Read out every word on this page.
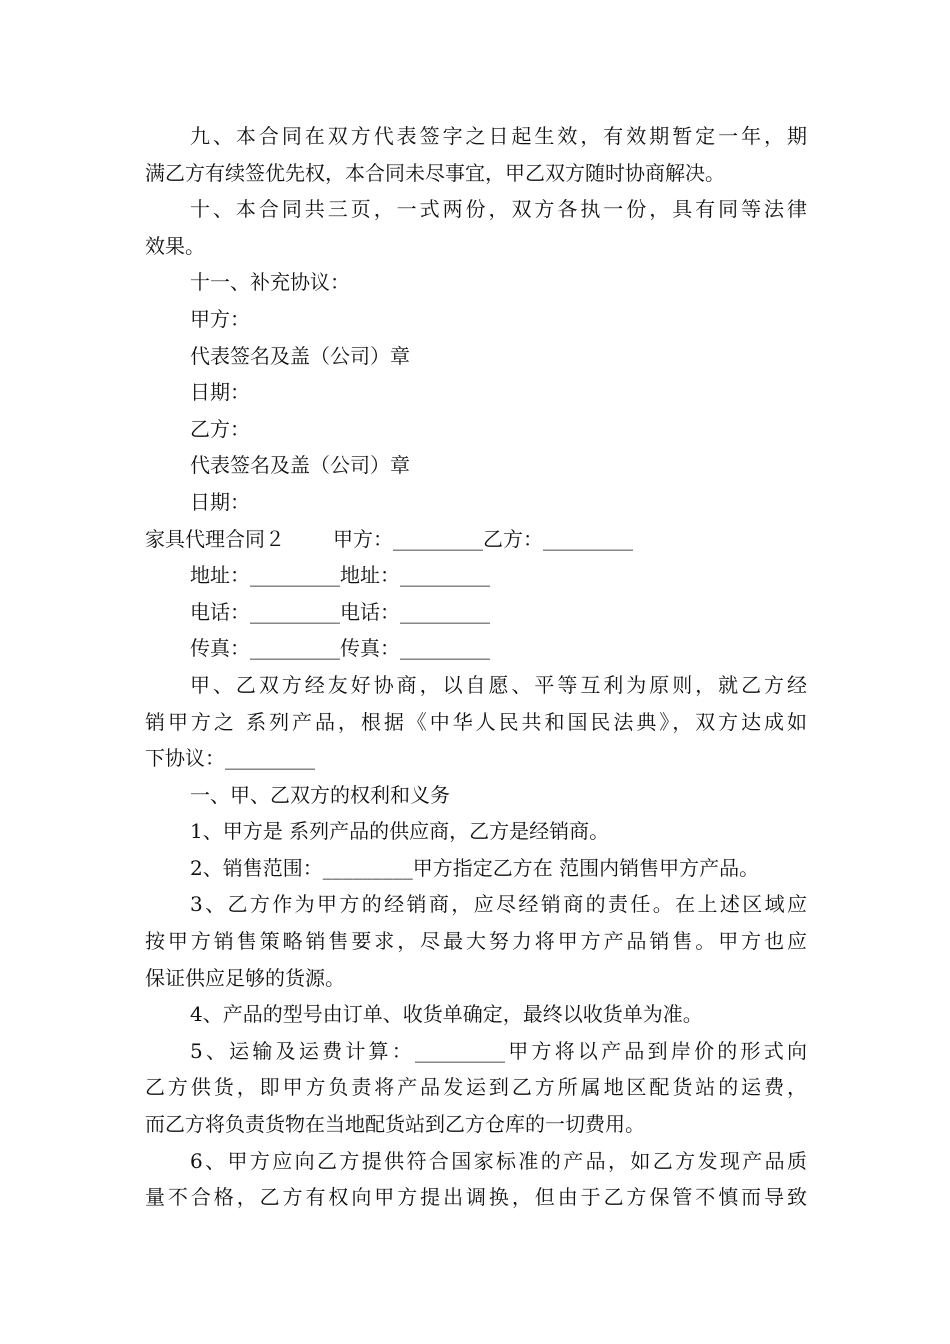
九、本合同在双方代表签字之日起生效，有效期暂定一年，期
满乙方有续签优先权，本合同未尽事宜，甲乙双方随时协商解决。
十、本合同共三页，一式两份，双方各执一份，具有同等法律
效果。
十一、补充协议：
甲方：
代表签名及盖（公司）章
日期：
乙方：
代表签名及盖（公司）章
日期：
家具代理合同２ 甲方：_________乙方：_________
地址：_________地址：_________
电话：_________电话：_________
传真：_________传真：_________
甲、乙双方经友好协商，以自愿、平等互利为原则，就乙方经
销甲方之 系列产品，根据《中华人民共和国民法典》，双方达成如
下协议：_________
一、甲、乙双方的权利和义务
1、甲方是 系列产品的供应商，乙方是经销商。
2、销售范围：_________甲方指定乙方在 范围内销售甲方产品。
3、乙方作为甲方的经销商，应尽经销商的责任。在上述区域应
按甲方销售策略销售要求，尽最大努力将甲方产品销售。甲方也应
保证供应足够的货源。
4、产品的型号由订单、收货单确定，最终以收货单为准。
5、运输及运费计算：_________甲方将以产品到岸价的形式向
乙方供货，即甲方负责将产品发运到乙方所属地区配货站的运费，
而乙方将负责货物在当地配货站到乙方仓库的一切费用。
6、甲方应向乙方提供符合国家标准的产品，如乙方发现产品质
量不合格，乙方有权向甲方提出调换，但由于乙方保管不慎而导致
